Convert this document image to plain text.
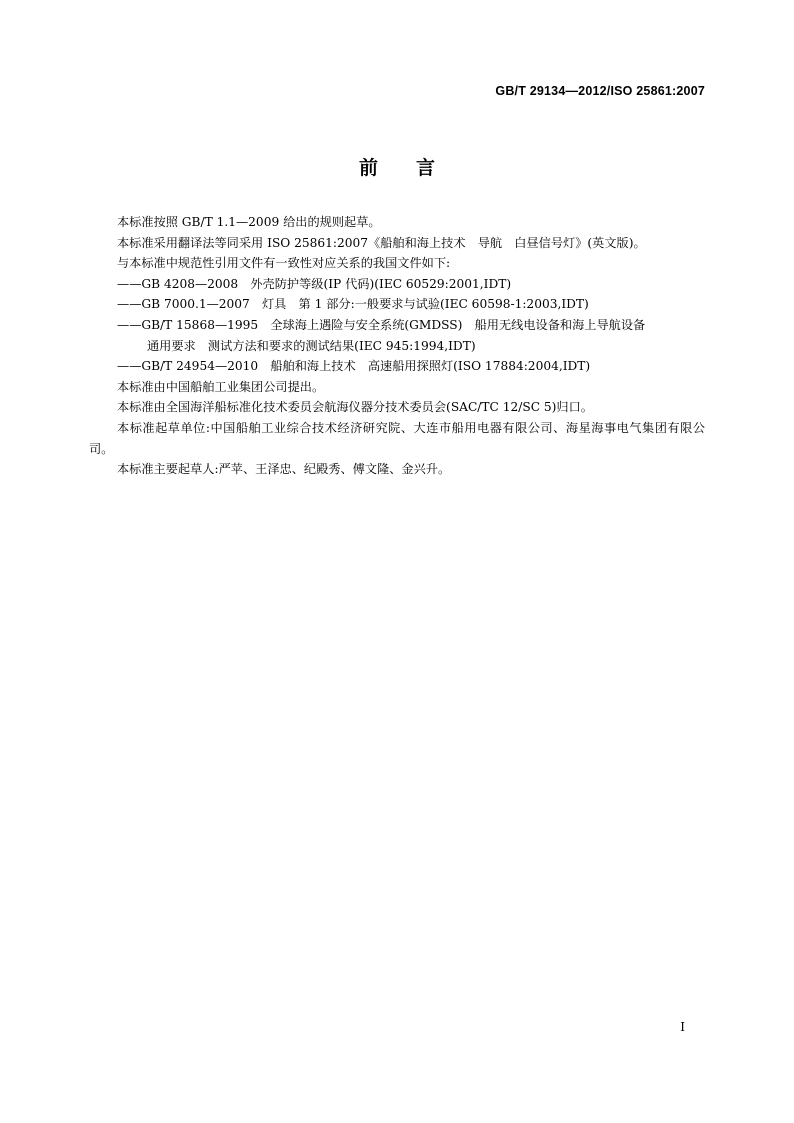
GB/T 29134—2012/ISO 25861:2007
前言

本标准按照 GB/T 1.1—2009 给出的规则起草。

本标准采用翻译法等同采用 ISO 25861:2007《船舶和海上技术　导航　白昼信号灯》(英文版)。

与本标准中规范性引用文件有一致性对应关系的我国文件如下:

——GB 4208—2008　外壳防护等级(IP 代码)(IEC 60529:2001,IDT)

——GB 7000.1—2007　灯具　第 1 部分:一般要求与试验(IEC 60598-1:2003,IDT)

——GB/T 15868—1995　全球海上遇险与安全系统(GMDSS)　船用无线电设备和海上导航设备

通用要求　测试方法和要求的测试结果(IEC 945:1994,IDT)

——GB/T 24954—2010　船舶和海上技术　高速船用探照灯(ISO 17884:2004,IDT)

本标准由中国船舶工业集团公司提出。

本标准由全国海洋船标准化技术委员会航海仪器分技术委员会(SAC/TC 12/SC 5)归口。

本标准起草单位:中国船舶工业综合技术经济研究院、大连市船用电器有限公司、海星海事电气集团有限公司。

本标准主要起草人:严苹、王泽忠、纪殿秀、傅文隆、金兴升。

I
